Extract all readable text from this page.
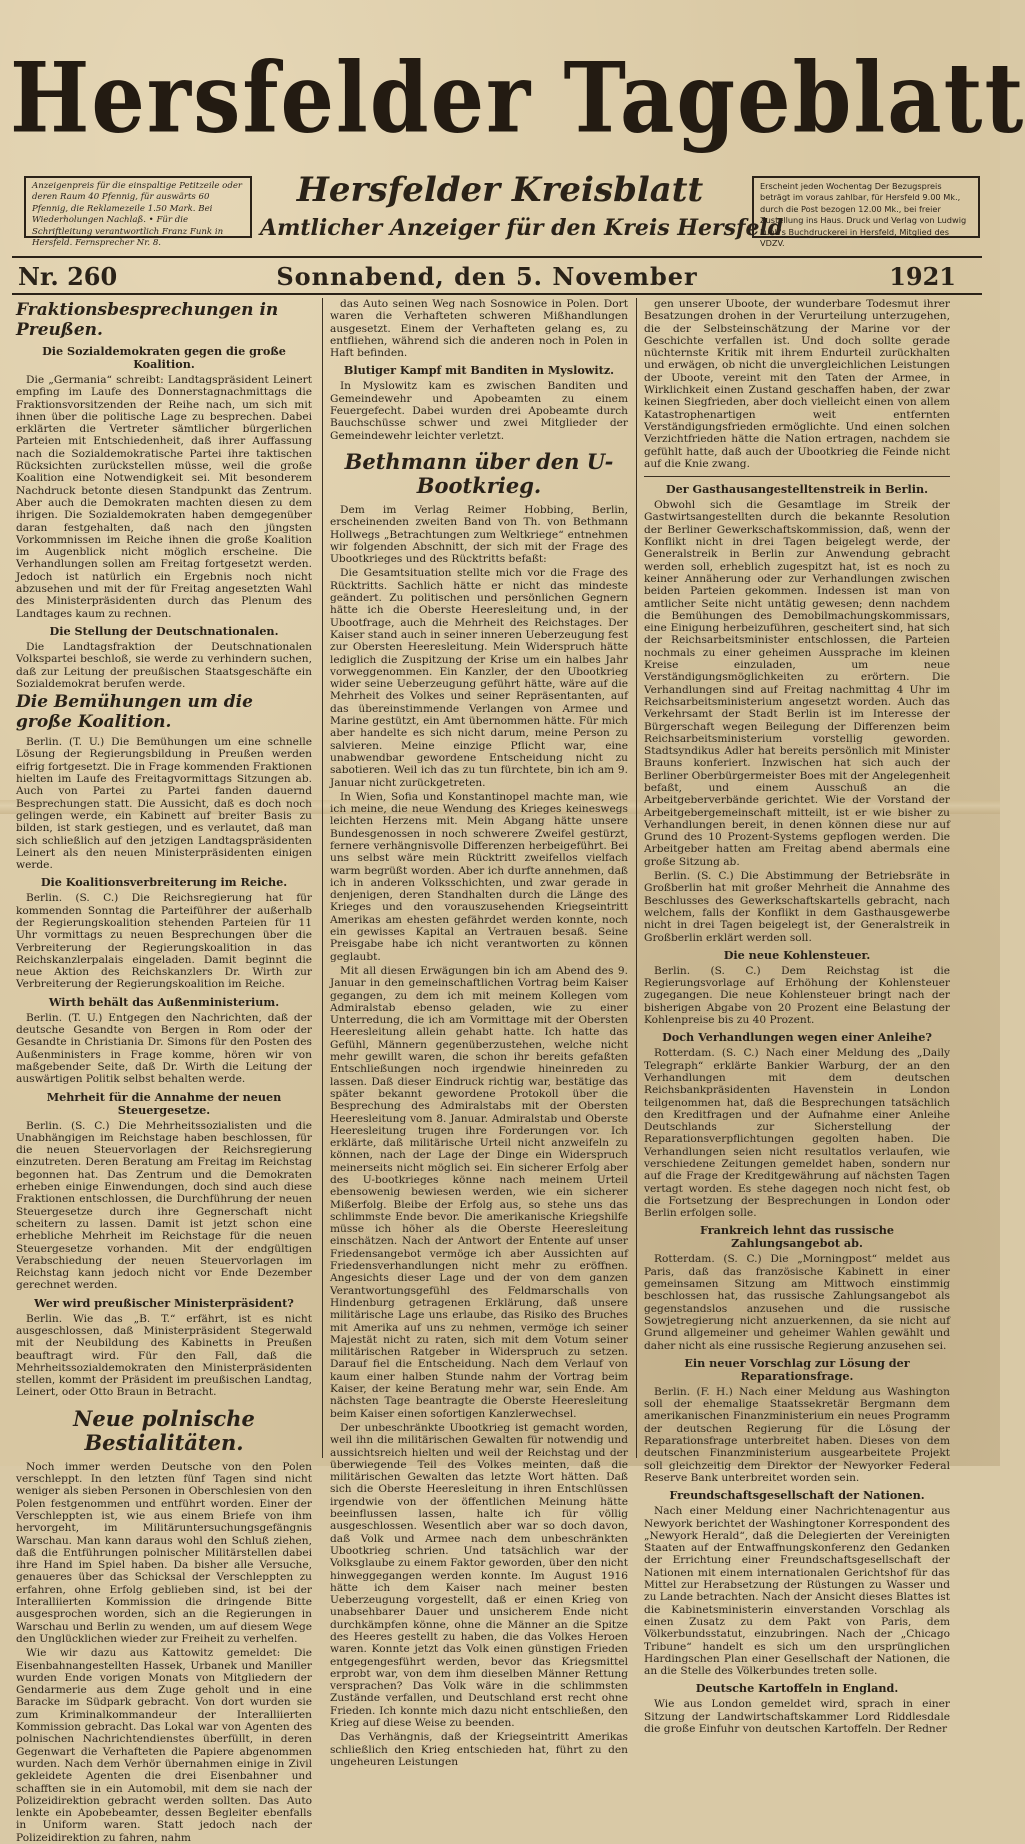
Hersfelder Tageblatt
Anzeigenpreis für die einspaltige Petitzeile oder deren Raum 40 Pfennig, für auswärts 60 Pfennig, die Reklamezeile 1.50 Mark. Bei Wiederholungen Nachlaß. • Für die Schriftleitung verantwortlich Franz Funk in Hersfeld. Fernsprecher Nr. 8.
Hersfelder Kreisblatt
Amtlicher Anzeiger für den Kreis Hersfeld
Erscheint jeden Wochentag Der Bezugspreis beträgt im voraus zahlbar, für Hersfeld 9.00 Mk., durch die Post bezogen 12.00 Mk., bei freier Zustellung ins Haus. Druck und Verlag von Ludwig Funk's Buchdruckerei in Hersfeld, Mitglied des VDZV.
Nr. 260	Sonnabend, den 5. November	1921
Fraktionsbesprechungen in Preußen.
Die Sozialdemokraten gegen die große Koalition.

Die „Germania“ schreibt: Landtagspräsident Leinert empfing im Laufe des Donnerstagnachmittags die Fraktionsvorsitzenden der Reihe nach, um sich mit ihnen über die politische Lage zu besprechen. Dabei erklärten die Vertreter sämtlicher bürgerlichen Parteien mit Entschiedenheit, daß ihrer Auffassung nach die Sozialdemokratische Partei ihre taktischen Rücksichten zurückstellen müsse, weil die große Koalition eine Notwendigkeit sei. Mit besonderem Nachdruck betonte diesen Standpunkt das Zentrum. Aber auch die Demokraten machten diesen zu dem ihrigen. Die Sozialdemokraten haben demgegenüber daran festgehalten, daß nach den jüngsten Vorkommnissen im Reiche ihnen die große Koalition im Augenblick nicht möglich erscheine. Die Verhandlungen sollen am Freitag fortgesetzt werden. Jedoch ist natürlich ein Ergebnis noch nicht abzusehen und mit der für Freitag angesetzten Wahl des Ministerpräsidenten durch das Plenum des Landtages kaum zu rechnen.

Die Stellung der Deutschnationalen.

Die Landtagsfraktion der Deutschnationalen Volkspartei beschloß, sie werde zu verhindern suchen, daß zur Leitung der preußischen Staatsgeschäfte ein Sozialdemokrat berufen werde.

Die Bemühungen um die große Koalition.

Berlin. (T. U.) Die Bemühungen um eine schnelle Lösung der Regierungsbildung in Preußen werden eifrig fortgesetzt. Die in Frage kommenden Fraktionen hielten im Laufe des Freitagvormittags Sitzungen ab. Auch von Partei zu Partei fanden dauernd Besprechungen statt. Die Aussicht, daß es doch noch gelingen werde, ein Kabinett auf breiter Basis zu bilden, ist stark gestiegen, und es verlautet, daß man sich schließlich auf den jetzigen Landtagspräsidenten Leinert als den neuen Ministerpräsidenten einigen werde.

Die Koalitionsverbreiterung im Reiche.

Berlin. (S. C.) Die Reichsregierung hat für kommenden Sonntag die Parteiführer der außerhalb der Regierungskoalition stehenden Parteien für 11 Uhr vormittags zu neuen Besprechungen über die Verbreiterung der Regierungskoalition in das Reichskanzlerpalais eingeladen. Damit beginnt die neue Aktion des Reichskanzlers Dr. Wirth zur Verbreiterung der Regierungskoalition im Reiche.

Wirth behält das Außenministerium.

Berlin. (T. U.) Entgegen den Nachrichten, daß der deutsche Gesandte von Bergen in Rom oder der Gesandte in Christiania Dr. Simons für den Posten des Außenministers in Frage komme, hören wir von maßgebender Seite, daß Dr. Wirth die Leitung der auswärtigen Politik selbst behalten werde.

Mehrheit für die Annahme der neuen Steuergesetze.

Berlin. (S. C.) Die Mehrheitssozialisten und die Unabhängigen im Reichstage haben beschlossen, für die neuen Steuervorlagen der Reichsregierung einzutreten. Deren Beratung am Freitag im Reichstag begonnen hat. Das Zentrum und die Demokraten erheben einige Einwendungen, doch sind auch diese Fraktionen entschlossen, die Durchführung der neuen Steuergesetze durch ihre Gegnerschaft nicht scheitern zu lassen. Damit ist jetzt schon eine erhebliche Mehrheit im Reichstage für die neuen Steuergesetze vorhanden. Mit der endgültigen Verabschiedung der neuen Steuervorlagen im Reichstag kann jedoch nicht vor Ende Dezember gerechnet werden.

Wer wird preußischer Ministerpräsident?

Berlin. Wie das „B. T.“ erfährt, ist es nicht ausgeschlossen, daß Ministerpräsident Stegerwald mit der Neubildung des Kabinetts in Preußen beauftragt wird. Für den Fall, daß die Mehrheitssozialdemokraten den Ministerpräsidenten stellen, kommt der Präsident im preußischen Landtag, Leinert, oder Otto Braun in Betracht.

Neue polnische Bestialitäten.

Noch immer werden Deutsche von den Polen verschleppt. In den letzten fünf Tagen sind nicht weniger als sieben Personen in Oberschlesien von den Polen festgenommen und entführt worden. Einer der Verschleppten ist, wie aus einem Briefe von ihm hervorgeht, im Militäruntersuchungsgefängnis Warschau. Man kann daraus wohl den Schluß ziehen, daß die Entführungen polnischer Militärstellen dabei ihre Hand im Spiel haben. Da bisher alle Versuche, genaueres über das Schicksal der Verschleppten zu erfahren, ohne Erfolg geblieben sind, ist bei der Interalliierten Kommission die dringende Bitte ausgesprochen worden, sich an die Regierungen in Warschau und Berlin zu wenden, um auf diesem Wege den Unglücklichen wieder zur Freiheit zu verhelfen.

Wie wir dazu aus Kattowitz gemeldet: Die Eisenbahnangestellten Hassek, Urbanek und Maniller wurden Ende vorigen Monats von Mitgliedern der Gendarmerie aus dem Zuge geholt und in eine Baracke im Südpark gebracht. Von dort wurden sie zum Kriminalkommandeur der Interalliierten Kommission gebracht. Das Lokal war von Agenten des polnischen Nachrichtendienstes überfüllt, in deren Gegenwart die Verhafteten die Papiere abgenommen wurden. Nach dem Verhör übernahmen einige in Zivil gekleidete Agenten die drei Eisenbahner und schafften sie in ein Automobil, mit dem sie nach der Polizeidirektion gebracht werden sollten. Das Auto lenkte ein Apobebeamter, dessen Begleiter ebenfalls in Uniform waren. Statt jedoch nach der Polizeidirektion zu fahren, nahm

das Auto seinen Weg nach Sosnowice in Polen. Dort waren die Verhafteten schweren Mißhandlungen ausgesetzt. Einem der Verhafteten gelang es, zu entfliehen, während sich die anderen noch in Polen in Haft befinden.

Blutiger Kampf mit Banditen in Myslowitz.

In Myslowitz kam es zwischen Banditen und Gemeindewehr und Apobeamten zu einem Feuergefecht. Dabei wurden drei Apobeamte durch Bauchschüsse schwer und zwei Mitglieder der Gemeindewehr leichter verletzt.

Bethmann über den U-Bootkrieg.

Dem im Verlag Reimer Hobbing, Berlin, erscheinenden zweiten Band von Th. von Bethmann Hollwegs „Betrachtungen zum Weltkriege“ entnehmen wir folgenden Abschnitt, der sich mit der Frage des Ubootkrieges und des Rücktritts befaßt:

Die Gesamtsituation stellte mich vor die Frage des Rücktritts. Sachlich hätte er nicht das mindeste geändert. Zu politischen und persönlichen Gegnern hätte ich die Oberste Heeresleitung und, in der Ubootfrage, auch die Mehrheit des Reichstages. Der Kaiser stand auch in seiner inneren Ueberzeugung fest zur Obersten Heeresleitung. Mein Widerspruch hätte lediglich die Zuspitzung der Krise um ein halbes Jahr vorweggenommen. Ein Kanzler, der den Ubootkrieg wider seine Ueberzeugung geführt hätte, wäre auf die Mehrheit des Volkes und seiner Repräsentanten, auf das übereinstimmende Verlangen von Armee und Marine gestützt, ein Amt übernommen hätte. Für mich aber handelte es sich nicht darum, meine Person zu salvieren. Meine einzige Pflicht war, eine unabwendbar gewordene Entscheidung nicht zu sabotieren. Weil ich das zu tun fürchtete, bin ich am 9. Januar nicht zurückgetreten.

In Wien, Sofia und Konstantinopel machte man, wie ich meine, die neue Wendung des Krieges keineswegs leichten Herzens mit. Mein Abgang hätte unsere Bundesgenossen in noch schwerere Zweifel gestürzt, fernere verhängnisvolle Differenzen herbeigeführt. Bei uns selbst wäre mein Rücktritt zweifellos vielfach warm begrüßt worden. Aber ich durfte annehmen, daß ich in anderen Volksschichten, und zwar gerade in denjenigen, deren Standhalten durch die Länge des Krieges und den vorauszusehenden Kriegseintritt Amerikas am ehesten gefährdet werden konnte, noch ein gewisses Kapital an Vertrauen besaß. Seine Preisgabe habe ich nicht verantworten zu können geglaubt.

Mit all diesen Erwägungen bin ich am Abend des 9. Januar in den gemeinschaftlichen Vortrag beim Kaiser gegangen, zu dem ich mit meinem Kollegen vom Admiralstab ebenso geladen, wie zu einer Unterredung, die ich am Vormittage mit der Obersten Heeresleitung allein gehabt hatte. Ich hatte das Gefühl, Männern gegenüberzustehen, welche nicht mehr gewillt waren, die schon ihr bereits gefaßten Entschließungen noch irgendwie hineinreden zu lassen. Daß dieser Eindruck richtig war, bestätige das später bekannt gewordene Protokoll über die Besprechung des Admiralstabs mit der Obersten Heeresleitung vom 8. Januar. Admiralstab und Oberste Heeresleitung trugen ihre Forderungen vor. Ich erklärte, daß militärische Urteil nicht anzweifeln zu können, nach der Lage der Dinge ein Widerspruch meinerseits nicht möglich sei. Ein sicherer Erfolg aber des U-bootkrieges könne nach meinem Urteil ebensowenig bewiesen werden, wie ein sicherer Mißerfolg. Bleibe der Erfolg aus, so stehe uns das schlimmste Ende bevor. Die amerikanische Kriegshilfe müsse ich höher als die Oberste Heeresleitung einschätzen. Nach der Antwort der Entente auf unser Friedensangebot vermöge ich aber Aussichten auf Friedensverhandlungen nicht mehr zu eröffnen. Angesichts dieser Lage und der von dem ganzen Verantwortungsgefühl des Feldmarschalls von Hindenburg getragenen Erklärung, daß unsere militärische Lage uns erlaube, das Risiko des Bruches mit Amerika auf uns zu nehmen, vermöge ich seiner Majestät nicht zu raten, sich mit dem Votum seiner militärischen Ratgeber in Widerspruch zu setzen. Darauf fiel die Entscheidung. Nach dem Verlauf von kaum einer halben Stunde nahm der Vortrag beim Kaiser, der keine Beratung mehr war, sein Ende. Am nächsten Tage beantragte die Oberste Heeresleitung beim Kaiser einen sofortigen Kanzlerwechsel.

Der unbeschränkte Ubootkrieg ist gemacht worden, weil ihn die militärischen Gewalten für notwendig und aussichtsreich hielten und weil der Reichstag und der überwiegende Teil des Volkes meinten, daß die militärischen Gewalten das letzte Wort hätten. Daß sich die Oberste Heeresleitung in ihren Entschlüssen irgendwie von der öffentlichen Meinung hätte beeinflussen lassen, halte ich für völlig ausgeschlossen. Wesentlich aber war so doch davon, daß Volk und Armee nach dem unbeschränkten Ubootkrieg schrien. Und tatsächlich war der Volksglaube zu einem Faktor geworden, über den nicht hinweggegangen werden konnte. Im August 1916 hätte ich dem Kaiser nach meiner besten Ueberzeugung vorgestellt, daß er einen Krieg von unabsehbarer Dauer und unsicherem Ende nicht durchkämpfen könne, ohne die Männer an die Spitze des Heeres gestellt zu haben, die das Volkes Heroen waren. Konnte jetzt das Volk einen günstigen Frieden entgegengesführt werden, bevor das Kriegsmittel erprobt war, von dem ihm dieselben Männer Rettung versprachen? Das Volk wäre in die schlimmsten Zustände verfallen, und Deutschland erst recht ohne Frieden. Ich konnte mich dazu nicht entschließen, den Krieg auf diese Weise zu beenden.

Das Verhängnis, daß der Kriegseintritt Amerikas schließlich den Krieg entschieden hat, führt zu den ungeheuren Leistungen

gen unserer Uboote, der wunderbare Todesmut ihrer Besatzungen drohen in der Verurteilung unterzugehen, die der Selbsteinschätzung der Marine vor der Geschichte verfallen ist. Und doch sollte gerade nüchternste Kritik mit ihrem Endurteil zurückhalten und erwägen, ob nicht die unvergleichlichen Leistungen der Uboote, vereint mit den Taten der Armee, in Wirklichkeit einen Zustand geschaffen haben, der zwar keinen Siegfrieden, aber doch vielleicht einen von allem Katastrophenartigen weit entfernten Verständigungsfrieden ermöglichte. Und einen solchen Verzichtfrieden hätte die Nation ertragen, nachdem sie gefühlt hatte, daß auch der Ubootkrieg die Feinde nicht auf die Knie zwang.

Der Gasthausangestelltenstreik in Berlin.

Obwohl sich die Gesamtlage im Streik der Gastwirtsangestellten durch die bekannte Resolution der Berliner Gewerkschaftskommission, daß, wenn der Konflikt nicht in drei Tagen beigelegt werde, der Generalstreik in Berlin zur Anwendung gebracht werden soll, erheblich zugespitzt hat, ist es noch zu keiner Annäherung oder zur Verhandlungen zwischen beiden Parteien gekommen. Indessen ist man von amtlicher Seite nicht untätig gewesen; denn nachdem die Bemühungen des Demobilmachungskommissars, eine Einigung herbeizuführen, gescheitert sind, hat sich der Reichsarbeitsminister entschlossen, die Parteien nochmals zu einer geheimen Aussprache im kleinen Kreise einzuladen, um neue Verständigungsmöglichkeiten zu erörtern. Die Verhandlungen sind auf Freitag nachmittag 4 Uhr im Reichsarbeitsministerium angesetzt worden. Auch das Verkehrsamt der Stadt Berlin ist im Interesse der Bürgerschaft wegen Beilegung der Differenzen beim Reichsarbeitsministerium vorstellig geworden. Stadtsyndikus Adler hat bereits persönlich mit Minister Brauns konferiert. Inzwischen hat sich auch der Berliner Oberbürgermeister Boes mit der Angelegenheit befaßt, und einem Ausschuß an die Arbeitgeberverbände gerichtet. Wie der Vorstand der Arbeitgebergemeinschaft mitteilt, ist er wie bisher zu Verhandlungen bereit, in denen können diese nur auf Grund des 10 Prozent-Systems gepflogen werden. Die Arbeitgeber hatten am Freitag abend abermals eine große Sitzung ab.

Berlin. (S. C.) Die Abstimmung der Betriebsräte in Großberlin hat mit großer Mehrheit die Annahme des Beschlusses des Gewerkschaftskartells gebracht, nach welchem, falls der Konflikt in dem Gasthausgewerbe nicht in drei Tagen beigelegt ist, der Generalstreik in Großberlin erklärt werden soll.

Die neue Kohlensteuer.

Berlin. (S. C.) Dem Reichstag ist die Regierungsvorlage auf Erhöhung der Kohlensteuer zugegangen. Die neue Kohlensteuer bringt nach der bisherigen Abgabe von 20 Prozent eine Belastung der Kohlenpreise bis zu 40 Prozent.

Doch Verhandlungen wegen einer Anleihe?

Rotterdam. (S. C.) Nach einer Meldung des „Daily Telegraph“ erklärte Bankier Warburg, der an den Verhandlungen mit dem deutschen Reichsbankpräsidenten Havenstein in London teilgenommen hat, daß die Besprechungen tatsächlich den Kreditfragen und der Aufnahme einer Anleihe Deutschlands zur Sicherstellung der Reparationsverpflichtungen gegolten haben. Die Verhandlungen seien nicht resultatlos verlaufen, wie verschiedene Zeitungen gemeldet haben, sondern nur auf die Frage der Kreditgewährung auf nächsten Tagen vertagt worden. Es stehe dagegen noch nicht fest, ob die Fortsetzung der Besprechungen in London oder Berlin erfolgen solle.

Frankreich lehnt das russische Zahlungsangebot ab.

Rotterdam. (S. C.) Die „Morningpost“ meldet aus Paris, daß das französische Kabinett in einer gemeinsamen Sitzung am Mittwoch einstimmig beschlossen hat, das russische Zahlungsangebot als gegenstandslos anzusehen und die russische Sowjetregierung nicht anzuerkennen, da sie nicht auf Grund allgemeiner und geheimer Wahlen gewählt und daher nicht als eine russische Regierung anzusehen sei.

Ein neuer Vorschlag zur Lösung der Reparationsfrage.

Berlin. (F. H.) Nach einer Meldung aus Washington soll der ehemalige Staatssekretär Bergmann dem amerikanischen Finanzministerium ein neues Programm der deutschen Regierung für die Lösung der Reparationsfrage unterbreitet haben. Dieses von dem deutschen Finanzministerium ausgearbeitete Projekt soll gleichzeitig dem Direktor der Newyorker Federal Reserve Bank unterbreitet worden sein.

Freundschaftsgesellschaft der Nationen.

Nach einer Meldung einer Nachrichtenagentur aus Newyork berichtet der Washingtoner Korrespondent des „Newyork Herald“, daß die Delegierten der Vereinigten Staaten auf der Entwaffnungskonferenz den Gedanken der Errichtung einer Freundschaftsgesellschaft der Nationen mit einem internationalen Gerichtshof für das Mittel zur Herabsetzung der Rüstungen zu Wasser und zu Lande betrachten. Nach der Ansicht dieses Blattes ist die Kabinetsministerin einverstanden Vorschlag als einen Zusatz zu dem Pakt von Paris, dem Völkerbundsstatut, einzubringen. Nach der „Chicago Tribune“ handelt es sich um den ursprünglichen Hardingschen Plan einer Gesellschaft der Nationen, die an die Stelle des Völkerbundes treten solle.

Deutsche Kartoffeln in England.

Wie aus London gemeldet wird, sprach in einer Sitzung der Landwirtschaftskammer Lord Riddlesdale die große Einfuhr von deutschen Kartoffeln. Der Redner
